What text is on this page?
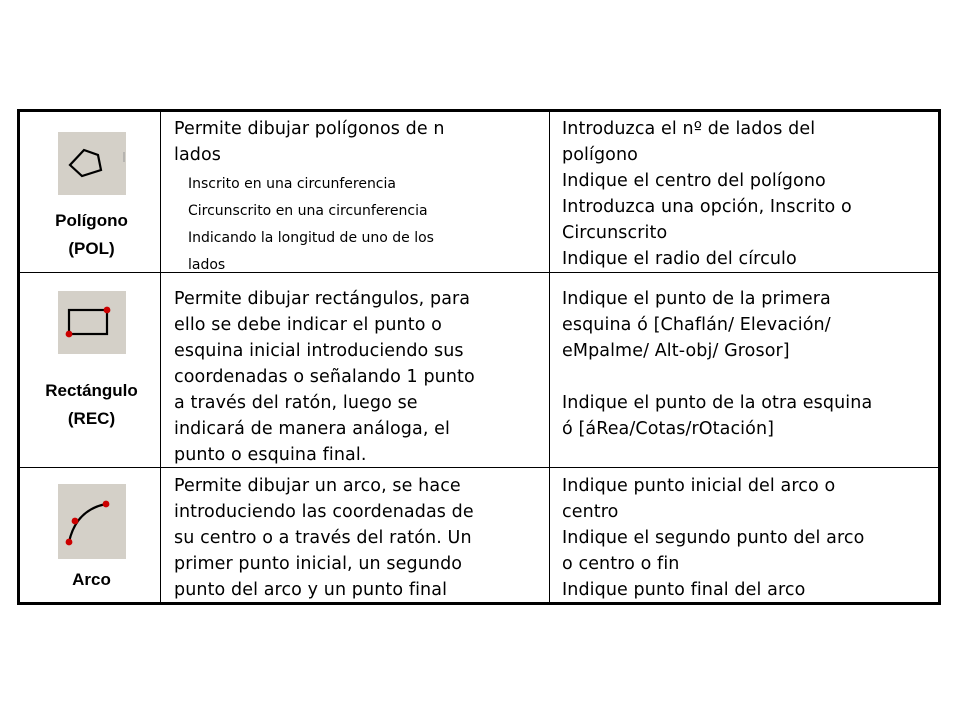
Polígono
(POL)
Permite dibujar polígonos de n
lados
Inscrito en una circunferencia
Circunscrito en una circunferencia
Indicando la longitud de uno de los
lados
Introduzca el nº de lados del
polígono
Indique el centro del polígono
Introduzca una opción, Inscrito o
Circunscrito
Indique el radio del círculo
Rectángulo
(REC)
Permite dibujar rectángulos, para
ello se debe indicar el punto o
esquina inicial introduciendo sus
coordenadas o señalando 1 punto
a través del ratón, luego se
indicará de manera análoga, el
punto o esquina final.
Indique el punto de la primera
esquina ó [Chaflán/ Elevación/
eMpalme/ Alt-obj/ Grosor]
Indique el punto de la otra esquina
ó [áRea/Cotas/rOtación]
Arco
Permite dibujar un arco, se hace
introduciendo las coordenadas de
su centro o a través del ratón. Un
primer punto inicial, un segundo
punto del arco y un punto final
Indique punto inicial del arco o
centro
Indique el segundo punto del arco
o centro o fin
Indique punto final del arco
